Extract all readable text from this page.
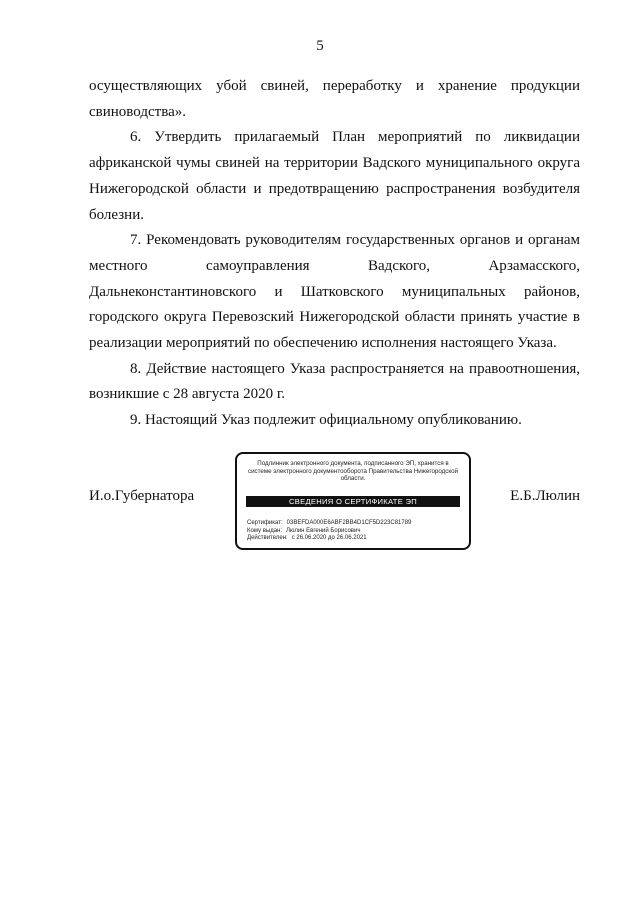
5

осуществляющих убой свиней, переработку и хранение продукции свиноводства».

6. Утвердить прилагаемый План мероприятий по ликвидации африканской чумы свиней на территории Вадского муниципального округа Нижегородской области и предотвращению распространения возбудителя болезни.

7. Рекомендовать руководителям государственных органов и органам местного самоуправления Вадского, Арзамасского, Дальнеконстантиновского и Шатковского муниципальных районов, городского округа Перевозский Нижегородской области принять участие в реализации мероприятий по обеспечению исполнения настоящего Указа.

8. Действие настоящего Указа распространяется на правоотношения, возникшие с 28 августа 2020 г.

9. Настоящий Указ подлежит официальному опубликованию.

И.о.Губернатора	Е.Б.Люлин
Подлинник электронного документа, подписанного ЭП, хранится в системе электронного документооборота Правительства Нижегородской области.
СВЕДЕНИЯ О СЕРТИФИКАТЕ ЭП
Сертификат: 03BEFDA000E6ABF2BB4D1CF5D223C81789
Кому выдан: Люлин Евгений Борисович
Действителен: с 26.06.2020 до 26.06.2021
